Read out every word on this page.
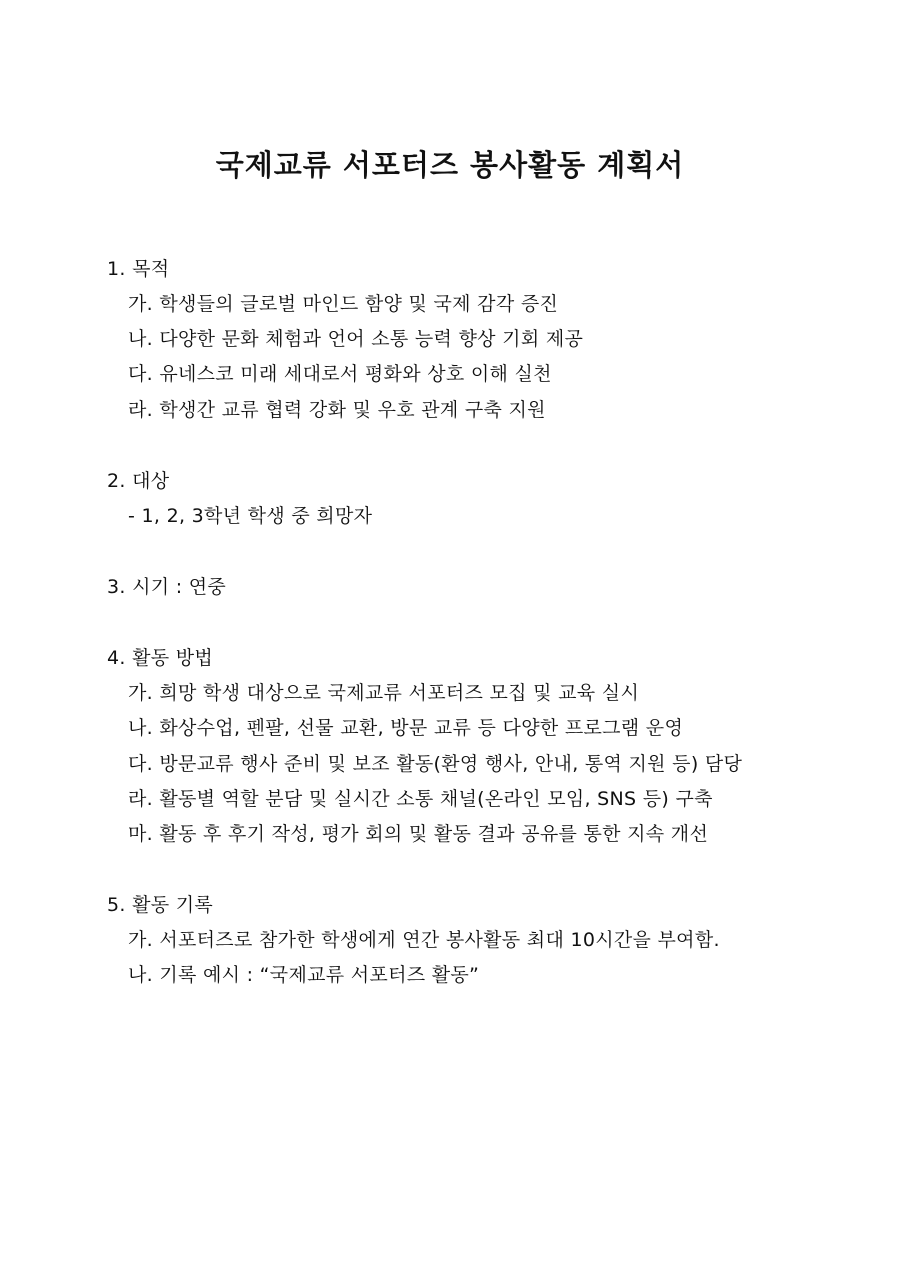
국제교류 서포터즈 봉사활동 계획서
1. 목적
가. 학생들의 글로벌 마인드 함양 및 국제 감각 증진
나. 다양한 문화 체험과 언어 소통 능력 향상 기회 제공
다. 유네스코 미래 세대로서 평화와 상호 이해 실천
라. 학생간 교류 협력 강화 및 우호 관계 구축 지원
2. 대상
- 1, 2, 3학년 학생 중 희망자
3. 시기 : 연중
4. 활동 방법
가. 희망 학생 대상으로 국제교류 서포터즈 모집 및 교육 실시
나. 화상수업, 펜팔, 선물 교환, 방문 교류 등 다양한 프로그램 운영
다. 방문교류 행사 준비 및 보조 활동(환영 행사, 안내, 통역 지원 등) 담당
라. 활동별 역할 분담 및 실시간 소통 채널(온라인 모임, SNS 등) 구축
마. 활동 후 후기 작성, 평가 회의 및 활동 결과 공유를 통한 지속 개선
5. 활동 기록
가. 서포터즈로 참가한 학생에게 연간 봉사활동 최대 10시간을 부여함.
나. 기록 예시 : “국제교류 서포터즈 활동”
